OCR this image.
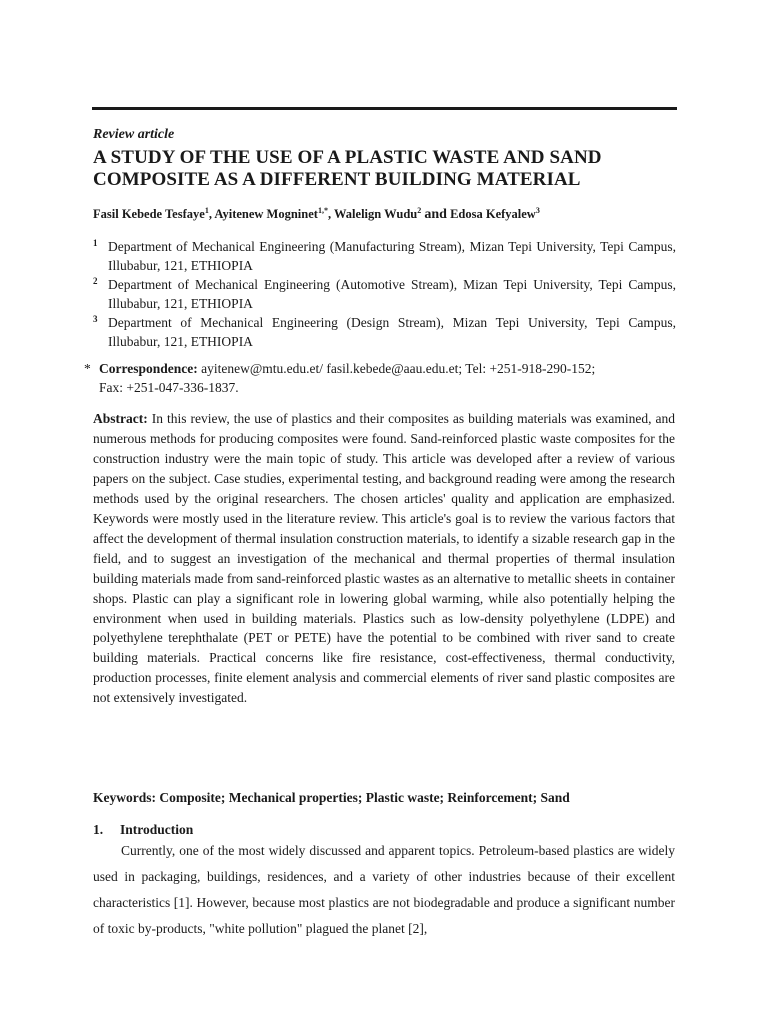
Review article
A STUDY OF THE USE OF A PLASTIC WASTE AND SAND COMPOSITE AS A DIFFERENT BUILDING MATERIAL
Fasil Kebede Tesfaye$^1$, Ayitenew Mogninet$^{1,*}$, Walelign Wudu$^2$ and Edosa Kefyalew$^3$

1 Department of Mechanical Engineering (Manufacturing Stream), Mizan Tepi University, Tepi Campus, Illubabur, 121, ETHIOPIA

2 Department of Mechanical Engineering (Automotive Stream), Mizan Tepi University, Tepi Campus, Illubabur, 121, ETHIOPIA

3 Department of Mechanical Engineering (Design Stream), Mizan Tepi University, Tepi Campus, Illubabur, 121, ETHIOPIA

* Correspondence: ayitenew@mtu.edu.et/ fasil.kebede@aau.edu.et; Tel: +251-918-290-152;
Fax: +251-047-336-1837.

Abstract: In this review, the use of plastics and their composites as building materials was examined, and numerous methods for producing composites were found. Sand-reinforced plastic waste composites for the construction industry were the main topic of study. This article was developed after a review of various papers on the subject. Case studies, experimental testing, and background reading were among the research methods used by the original researchers. The chosen articles' quality and application are emphasized. Keywords were mostly used in the literature review. This article's goal is to review the various factors that affect the development of thermal insulation construction materials, to identify a sizable research gap in the field, and to suggest an investigation of the mechanical and thermal properties of thermal insulation building materials made from sand-reinforced plastic wastes as an alternative to metallic sheets in container shops. Plastic can play a significant role in lowering global warming, while also potentially helping the environment when used in building materials. Plastics such as low-density polyethylene (LDPE) and polyethylene terephthalate (PET or PETE) have the potential to be combined with river sand to create building materials. Practical concerns like fire resistance, cost-effectiveness, thermal conductivity, production processes, finite element analysis and commercial elements of river sand plastic composites are not extensively investigated.

Keywords: Composite; Mechanical properties; Plastic waste; Reinforcement; Sand
1. Introduction

Currently, one of the most widely discussed and apparent topics. Petroleum-based plastics are widely used in packaging, buildings, residences, and a variety of other industries because of their excellent characteristics [1]. However, because most plastics are not biodegradable and produce a significant number of toxic by-products, "white pollution" plagued the planet [2],
